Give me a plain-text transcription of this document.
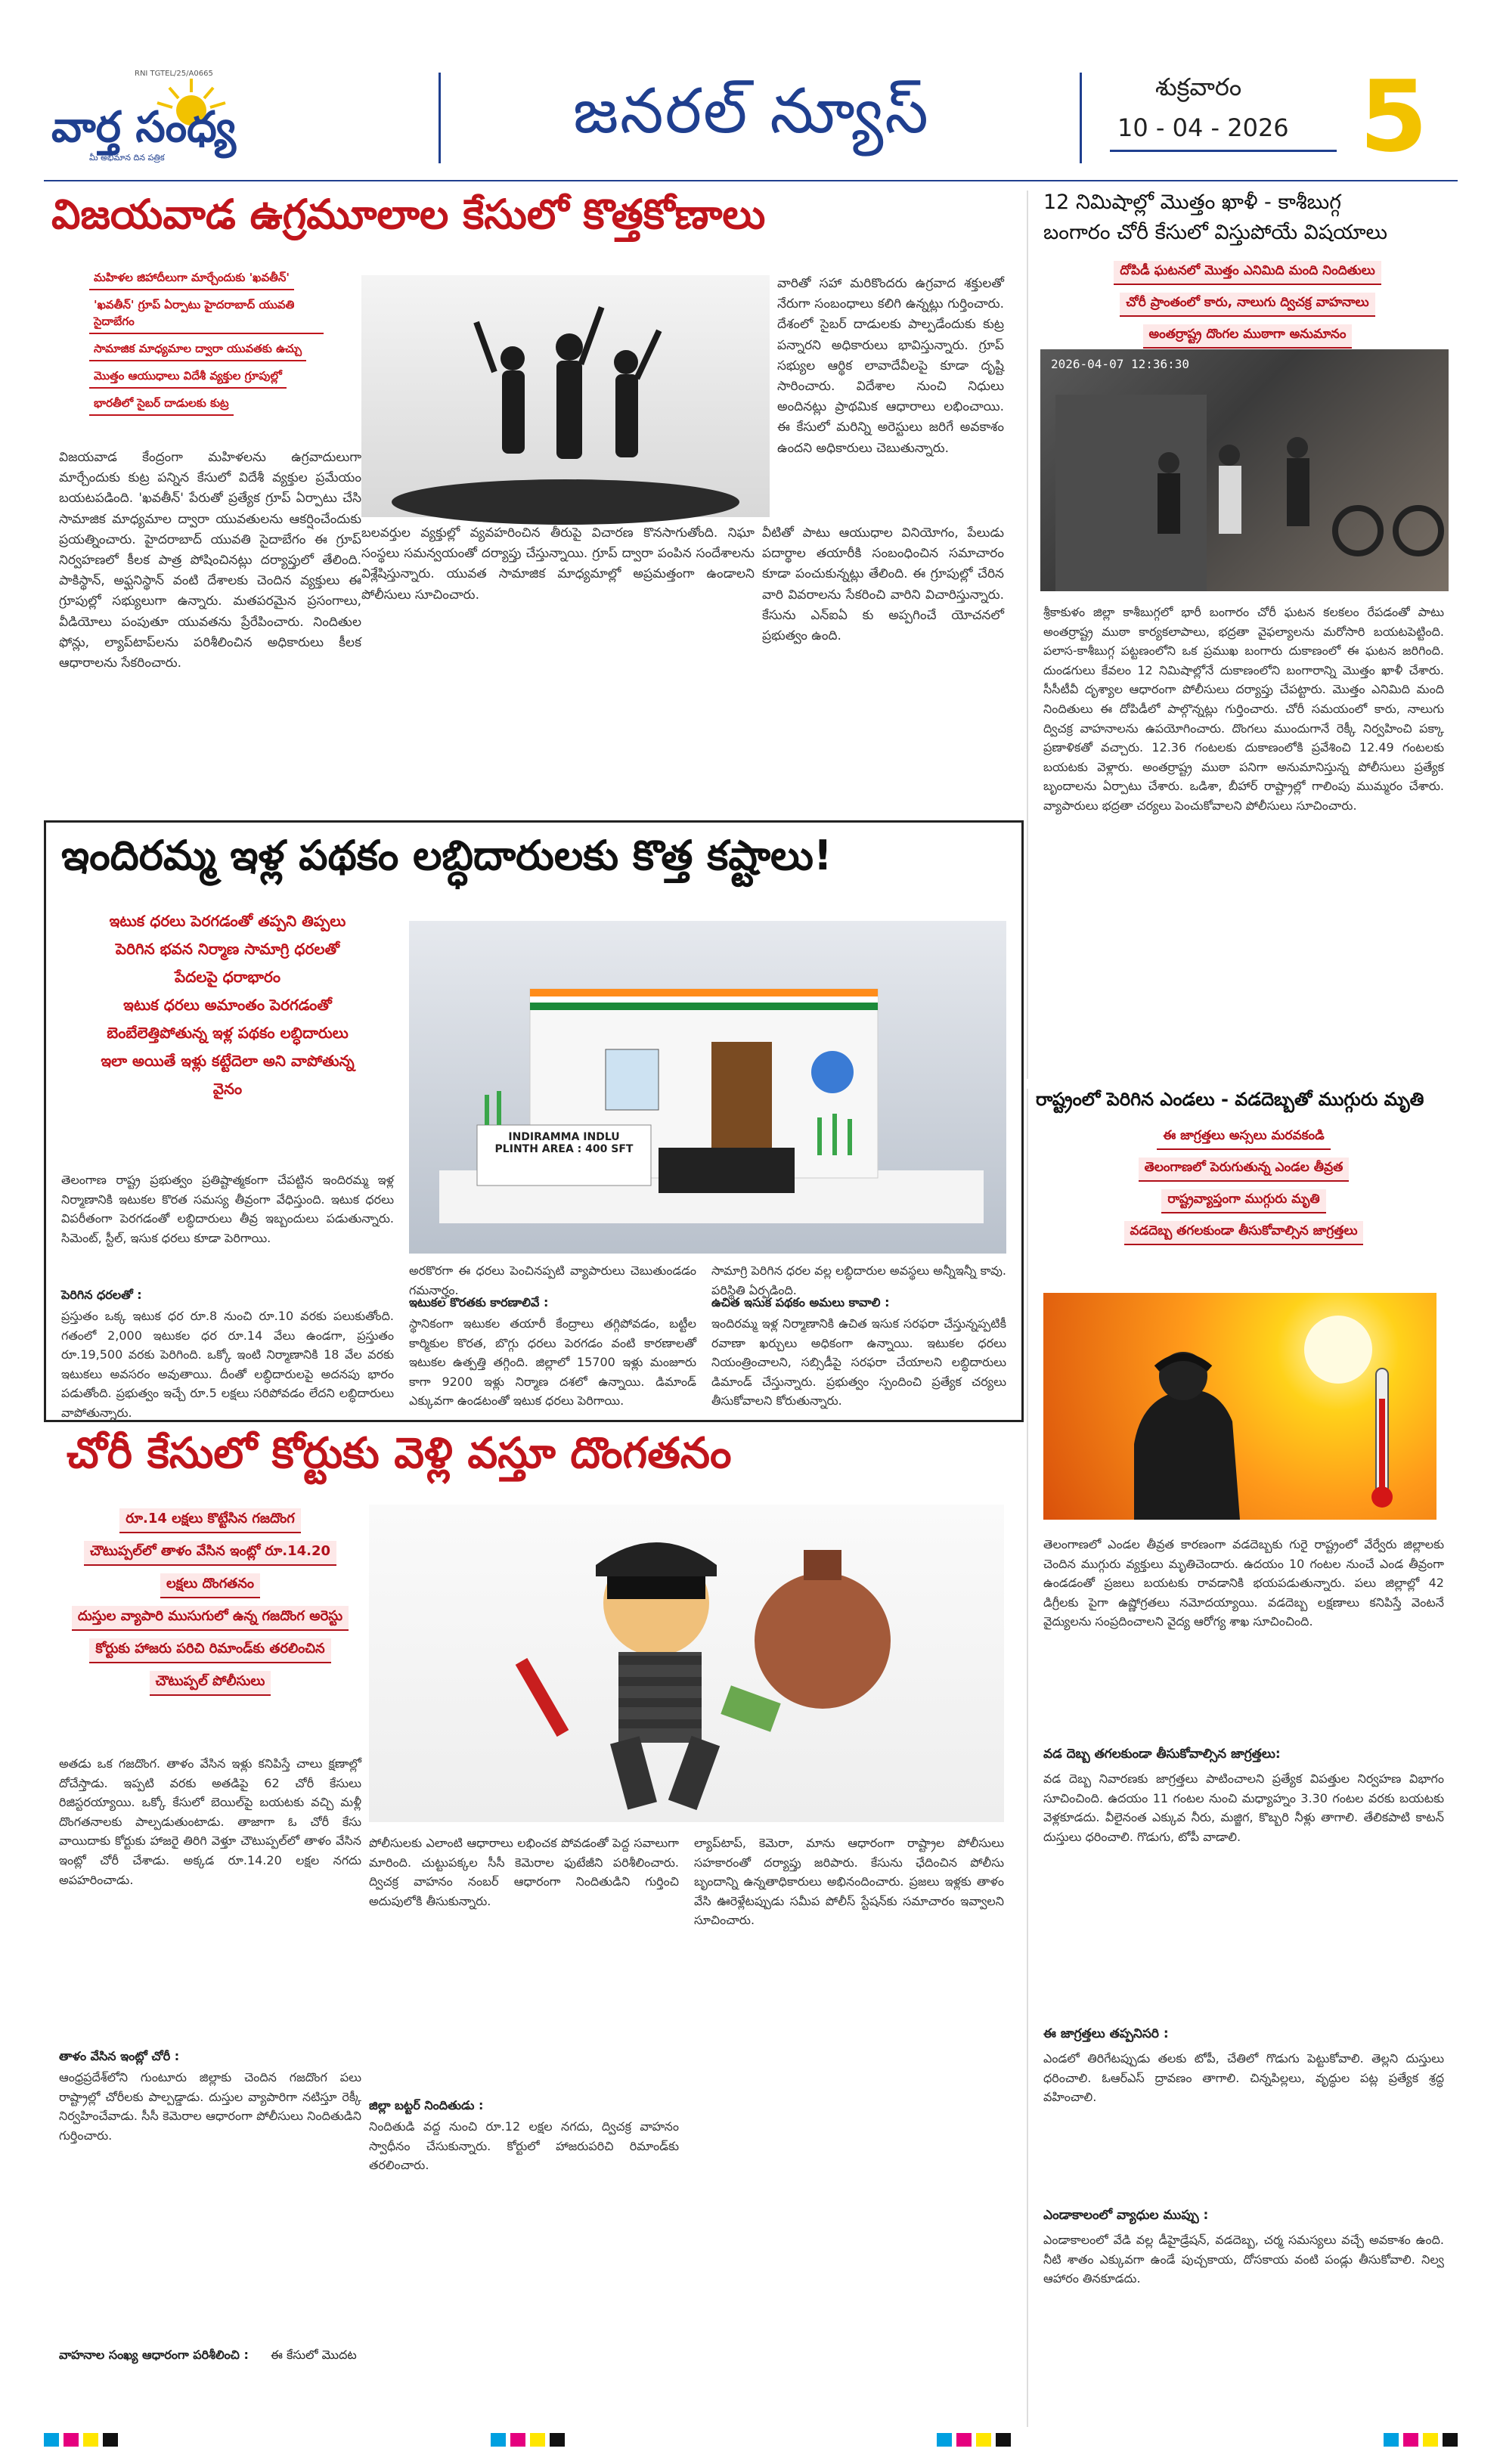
RNI TGTEL/25/A0665
వార్త సంధ్య
మీ అభిమాన దిన పత్రిక
జనరల్ న్యూస్	శుక్రవారం
10 - 04 - 2026 5
విజయవాడ ఉగ్రమూలాల కేసులో కొత్తకోణాలు
మహిళల జిహాదీలుగా మార్చేందుకు 'ఖవతీన్' 'ఖవతీన్' గ్రూప్ ఏర్పాటు హైదరాబాద్ యువతి సైదాబేగం సామాజిక మాధ్యమాల ద్వారా యువతకు ఉచ్చు మొత్తం ఆయుధాలు విదేశీ వ్యక్తుల గ్రూపుల్లో భారతీలో సైబర్ దాడులకు కుట్ర
విజయవాడ కేంద్రంగా మహిళలను ఉగ్రవాదులుగా మార్చేందుకు కుట్ర పన్నిన కేసులో విదేశీ వ్యక్తుల ప్రమేయం బయటపడింది. 'ఖవతీన్' పేరుతో ప్రత్యేక గ్రూప్ ఏర్పాటు చేసి సామాజిక మాధ్యమాల ద్వారా యువతులను ఆకర్షించేందుకు ప్రయత్నించారు. హైదరాబాద్ యువతి సైదాబేగం ఈ గ్రూప్ నిర్వహణలో కీలక పాత్ర పోషించినట్లు దర్యాప్తులో తేలింది. పాకిస్థాన్, అఫ్ఘనిస్థాన్ వంటి దేశాలకు చెందిన వ్యక్తులు ఈ గ్రూపుల్లో సభ్యులుగా ఉన్నారు. మతపరమైన ప్రసంగాలు, వీడియోలు పంపుతూ యువతను ప్రేరేపించారు. నిందితుల ఫోన్లు, ల్యాప్‌టాప్‌లను పరిశీలించిన అధికారులు కీలక ఆధారాలను సేకరించారు.
బలవర్తుల వ్యక్తుల్లో వ్యవహరించిన తీరుపై విచారణ కొనసాగుతోంది. నిఘా సంస్థలు సమన్వయంతో దర్యాప్తు చేస్తున్నాయి. గ్రూప్ ద్వారా పంపిన సందేశాలను విశ్లేషిస్తున్నారు. యువత సామాజిక మాధ్యమాల్లో అప్రమత్తంగా ఉండాలని పోలీసులు సూచించారు.
వారితో సహా మరికొందరు ఉగ్రవాద శక్తులతో నేరుగా సంబంధాలు కలిగి ఉన్నట్లు గుర్తించారు. దేశంలో సైబర్ దాడులకు పాల్పడేందుకు కుట్ర పన్నారని అధికారులు భావిస్తున్నారు. గ్రూప్ సభ్యుల ఆర్థిక లావాదేవీలపై కూడా దృష్టి సారించారు. విదేశాల నుంచి నిధులు అందినట్లు ప్రాథమిక ఆధారాలు లభించాయి. ఈ కేసులో మరిన్ని అరెస్టులు జరిగే అవకాశం ఉందని అధికారులు చెబుతున్నారు.
వీటితో పాటు ఆయుధాల వినియోగం, పేలుడు పదార్థాల తయారీకి సంబంధించిన సమాచారం కూడా పంచుకున్నట్లు తేలింది. ఈ గ్రూపుల్లో చేరిన వారి వివరాలను సేకరించి వారిని విచారిస్తున్నారు. కేసును ఎన్ఐఏ కు అప్పగించే యోచనలో ప్రభుత్వం ఉంది.
12 నిమిషాల్లో మొత్తం ఖాళీ - కాశీబుగ్గ
బంగారం చోరీ కేసులో విస్తుపోయే విషయాలు
దోపిడీ ఘటనలో మొత్తం ఎనిమిది మంది నిందితులు
చోరీ ప్రాంతంలో కారు, నాలుగు ద్విచక్ర వాహనాలు
అంతర్రాష్ట్ర దొంగల ముఠాగా అనుమానం
2026-04-07 12:36:30
శ్రీకాకుళం జిల్లా కాశీబుగ్గలో భారీ బంగారం చోరీ ఘటన కలకలం రేపడంతో పాటు అంతర్రాష్ట్ర ముఠా కార్యకలాపాలు, భద్రతా వైఫల్యాలను మరోసారి బయటపెట్టింది. పలాస-కాశీబుగ్గ పట్టణంలోని ఒక ప్రముఖ బంగారు దుకాణంలో ఈ ఘటన జరిగింది. దుండగులు కేవలం 12 నిమిషాల్లోనే దుకాణంలోని బంగారాన్ని మొత్తం ఖాళీ చేశారు. సీసీటీవీ దృశ్యాల ఆధారంగా పోలీసులు దర్యాప్తు చేపట్టారు. మొత్తం ఎనిమిది మంది నిందితులు ఈ దోపిడీలో పాల్గొన్నట్లు గుర్తించారు. చోరీ సమయంలో కారు, నాలుగు ద్విచక్ర వాహనాలను ఉపయోగించారు. దొంగలు ముందుగానే రెక్కీ నిర్వహించి పక్కా ప్రణాళికతో వచ్చారు. 12.36 గంటలకు దుకాణంలోకి ప్రవేశించి 12.49 గంటలకు బయటకు వెళ్లారు. అంతర్రాష్ట్ర ముఠా పనిగా అనుమానిస్తున్న పోలీసులు ప్రత్యేక బృందాలను ఏర్పాటు చేశారు. ఒడిశా, బీహార్ రాష్ట్రాల్లో గాలింపు ముమ్మరం చేశారు. వ్యాపారులు భద్రతా చర్యలు పెంచుకోవాలని పోలీసులు సూచించారు.
రాష్ట్రంలో పెరిగిన ఎండలు - వడదెబ్బతో ముగ్గురు మృతి
ఈ జాగ్రత్తలు అస్సలు మరవకండి
తెలంగాణలో పెరుగుతున్న ఎండల తీవ్రత
రాష్ట్రవ్యాప్తంగా ముగ్గురు మృతి
వడదెబ్బ తగలకుండా తీసుకోవాల్సిన జాగ్రత్తలు
తెలంగాణలో ఎండల తీవ్రత కారణంగా వడదెబ్బకు గురై రాష్ట్రంలో వేర్వేరు జిల్లాలకు చెందిన ముగ్గురు వ్యక్తులు మృతిచెందారు. ఉదయం 10 గంటల నుంచే ఎండ తీవ్రంగా ఉండడంతో ప్రజలు బయటకు రావడానికి భయపడుతున్నారు. పలు జిల్లాల్లో 42 డిగ్రీలకు పైగా ఉష్ణోగ్రతలు నమోదయ్యాయి. వడదెబ్బ లక్షణాలు కనిపిస్తే వెంటనే వైద్యులను సంప్రదించాలని వైద్య ఆరోగ్య శాఖ సూచించింది.
వడ దెబ్బ తగలకుండా తీసుకోవాల్సిన జాగ్రత్తలు:
వడ దెబ్బ నివారణకు జాగ్రత్తలు పాటించాలని ప్రత్యేక విపత్తుల నిర్వహణ విభాగం సూచించింది. ఉదయం 11 గంటల నుంచి మధ్యాహ్నం 3.30 గంటల వరకు బయటకు వెళ్లకూడదు. వీలైనంత ఎక్కువ నీరు, మజ్జిగ, కొబ్బరి నీళ్లు తాగాలి. తేలికపాటి కాటన్ దుస్తులు ధరించాలి. గొడుగు, టోపీ వాడాలి.
ఈ జాగ్రత్తలు తప్పనిసరి :
ఎండలో తిరిగేటప్పుడు తలకు టోపీ, చేతిలో గొడుగు పెట్టుకోవాలి. తెల్లని దుస్తులు ధరించాలి. ఓఆర్ఎస్ ద్రావణం తాగాలి. చిన్నపిల్లలు, వృద్ధుల పట్ల ప్రత్యేక శ్రద్ధ వహించాలి.
ఎండాకాలంలో వ్యాధుల ముప్పు :
ఎండాకాలంలో వేడి వల్ల డీహైడ్రేషన్, వడదెబ్బ, చర్మ సమస్యలు వచ్చే అవకాశం ఉంది. నీటి శాతం ఎక్కువగా ఉండే పుచ్చకాయ, దోసకాయ వంటి పండ్లు తీసుకోవాలి. నిల్వ ఆహారం తినకూడదు.
ఇందిరమ్మ ఇళ్ల పథకం లబ్ధిదారులకు కొత్త కష్టాలు!
ఇటుక ధరలు పెరగడంతో తప్పని తిప్పలు
పెరిగిన భవన నిర్మాణ సామాగ్రి ధరలతో
పేదలపై ధరాభారం
ఇటుక ధరలు అమాంతం పెరగడంతో
బెంబేలెత్తిపోతున్న ఇళ్ల పథకం లబ్ధిదారులు
ఇలా అయితే ఇళ్లు కట్టేదెలా అని వాపోతున్న
వైనం
INDIRAMMA INDLU
PLINTH AREA : 400 SFT
తెలంగాణ రాష్ట్ర ప్రభుత్వం ప్రతిష్టాత్మకంగా చేపట్టిన ఇందిరమ్మ ఇళ్ల నిర్మాణానికి ఇటుకల కొరత సమస్య తీవ్రంగా వేధిస్తుంది. ఇటుక ధరలు విపరీతంగా పెరగడంతో లబ్ధిదారులు తీవ్ర ఇబ్బందులు పడుతున్నారు. సిమెంట్, స్టీల్, ఇసుక ధరలు కూడా పెరిగాయి.
పెరిగిన ధరలతో :
ప్రస్తుతం ఒక్క ఇటుక ధర రూ.8 నుంచి రూ.10 వరకు పలుకుతోంది. గతంలో 2,000 ఇటుకల ధర రూ.14 వేలు ఉండగా, ప్రస్తుతం రూ.19,500 వరకు పెరిగింది. ఒక్కో ఇంటి నిర్మాణానికి 18 వేల వరకు ఇటుకలు అవసరం అవుతాయి. దీంతో లబ్ధిదారులపై అదనపు భారం పడుతోంది. ప్రభుత్వం ఇచ్చే రూ.5 లక్షలు సరిపోవడం లేదని లబ్ధిదారులు వాపోతున్నారు.
అరకొరగా ఈ ధరలు పెంచినప్పటి వ్యాపారులు చెబుతుండడం గమనార్హం.
ఇటుకల కొరతకు కారణాలివే :
స్థానికంగా ఇటుకల తయారీ కేంద్రాలు తగ్గిపోవడం, బట్టీల కార్మికుల కొరత, బొగ్గు ధరలు పెరగడం వంటి కారణాలతో ఇటుకల ఉత్పత్తి తగ్గింది. జిల్లాలో 15700 ఇళ్లు మంజూరు కాగా 9200 ఇళ్లు నిర్మాణ దశలో ఉన్నాయి. డిమాండ్ ఎక్కువగా ఉండటంతో ఇటుక ధరలు పెరిగాయి.
సామాగ్రి పెరిగిన ధరల వల్ల లబ్ధిదారుల అవస్థలు అన్నీఇన్నీ కావు. పరిస్థితి ఏర్పడింది.
ఉచిత ఇసుక పథకం అమలు కావాలి :
ఇందిరమ్మ ఇళ్ల నిర్మాణానికి ఉచిత ఇసుక సరఫరా చేస్తున్నప్పటికీ రవాణా ఖర్చులు అధికంగా ఉన్నాయి. ఇటుకల ధరలు నియంత్రించాలని, సబ్సిడీపై సరఫరా చేయాలని లబ్ధిదారులు డిమాండ్ చేస్తున్నారు. ప్రభుత్వం స్పందించి ప్రత్యేక చర్యలు తీసుకోవాలని కోరుతున్నారు.
చోరీ కేసులో కోర్టుకు వెళ్లి వస్తూ దొంగతనం
రూ.14 లక్షలు కొట్టేసిన గజదొంగ
చౌటుప్పల్‌లో తాళం వేసిన ఇంట్లో రూ.14.20
లక్షలు దొంగతనం
దుస్తుల వ్యాపారి ముసుగులో ఉన్న గజదొంగ అరెస్టు
కోర్టుకు హాజరు పరిచి రిమాండ్‌కు తరలించిన
చౌటుప్పల్ పోలీసులు
అతడు ఒక గజదొంగ. తాళం వేసిన ఇళ్లు కనిపిస్తే చాలు క్షణాల్లో దోచేస్తాడు. ఇప్పటి వరకు అతడిపై 62 చోరీ కేసులు రిజిస్టరయ్యాయి. ఒక్కో కేసులో బెయిల్‌పై బయటకు వచ్చి మళ్లీ దొంగతనాలకు పాల్పడుతుంటాడు. తాజాగా ఓ చోరీ కేసు వాయిదాకు కోర్టుకు హాజరై తిరిగి వెళ్తూ చౌటుప్పల్‌లో తాళం వేసిన ఇంట్లో చోరీ చేశాడు. అక్కడ రూ.14.20 లక్షల నగదు అపహరించాడు.
తాళం వేసిన ఇంట్లో చోరీ :
ఆంధ్రప్రదేశ్‌లోని గుంటూరు జిల్లాకు చెందిన గజదొంగ పలు రాష్ట్రాల్లో చోరీలకు పాల్పడ్డాడు. దుస్తుల వ్యాపారిగా నటిస్తూ రెక్కీ నిర్వహించేవాడు. సీసీ కెమెరాల ఆధారంగా పోలీసులు నిందితుడిని గుర్తించారు.
వాహనాల సంఖ్య ఆధారంగా పరిశీలించి : ఈ కేసులో మొదట
పోలీసులకు ఎలాంటి ఆధారాలు లభించక పోవడంతో పెద్ద సవాలుగా మారింది. చుట్టుపక్కల సీసీ కెమెరాల ఫుటేజీని పరిశీలించారు. ద్విచక్ర వాహనం నంబర్ ఆధారంగా నిందితుడిని గుర్తించి అదుపులోకి తీసుకున్నారు.
జిల్లా బట్టర్ నిందితుడు :
నిందితుడి వద్ద నుంచి రూ.12 లక్షల నగదు, ద్విచక్ర వాహనం స్వాధీనం చేసుకున్నారు. కోర్టులో హాజరుపరిచి రిమాండ్‌కు తరలించారు.
ల్యాప్‌టాప్, కెమెరా, మాను ఆధారంగా రాష్ట్రాల పోలీసులు సహకారంతో దర్యాప్తు జరిపారు. కేసును ఛేదించిన పోలీసు బృందాన్ని ఉన్నతాధికారులు అభినందించారు. ప్రజలు ఇళ్లకు తాళం వేసి ఊరెళ్లేటప్పుడు సమీప పోలీస్ స్టేషన్‌కు సమాచారం ఇవ్వాలని సూచించారు.
